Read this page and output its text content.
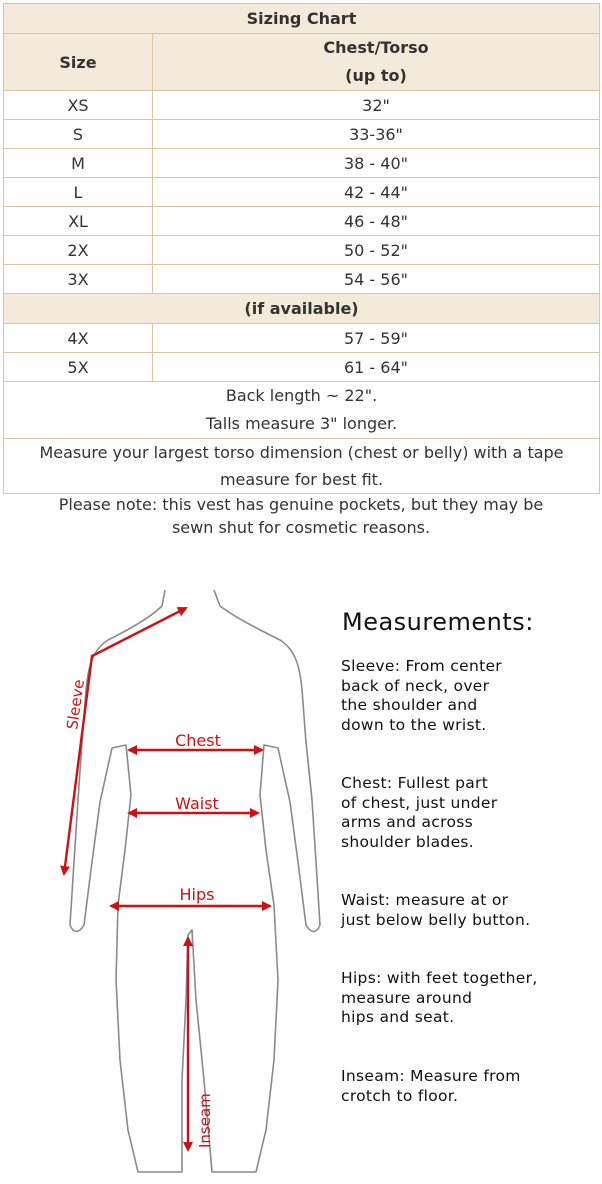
Sizing Chart	
Size	Chest/Torso
(up to)

XS	32"
S	33-36"
M	38 - 40"
L	42 - 44"
XL	46 - 48"
2X	50 - 52"
3X	54 - 56"
(if available)	
4X	57 - 59"
5X	61 - 64"

Back length ~ 22".
Talls measure 3" longer.	

Measure your largest torso dimension (chest or belly) with a tape measure for best fit.	
Please note: this vest has genuine pockets, but they may be
sewn shut for cosmetic reasons.
Sleeve
Chest
Waist
Hips
Inseam
Measurements:
Sleeve: From center
back of neck, over
the shoulder and
down to the wrist.
Chest: Fullest part
of chest, just under
arms and across
shoulder blades.
Waist: measure at or
just below belly button.
Hips: with feet together,
measure around
hips and seat.
Inseam: Measure from
crotch to floor.
